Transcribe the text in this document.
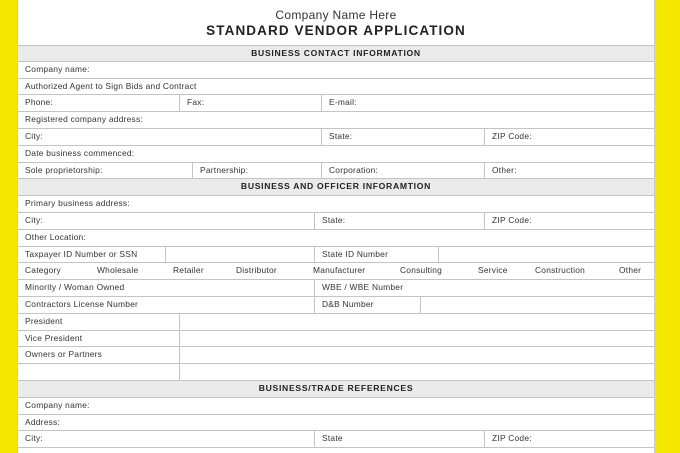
Company Name Here
STANDARD VENDOR APPLICATION
BUSINESS CONTACT INFORMATION
Company name:
Authorized Agent to Sign Bids and Contract
Phone:	Fax:	E-mail:
Registered company address:
City:	State:	ZIP Code:
Date business commenced:
Sole proprietorship:	Partnership:	Corporation:	Other:
BUSINESS AND OFFICER INFORAMTION
Primary business address:
City:	State:	ZIP Code:
Other Location:
Taxpayer ID Number or SSN	State ID Number
Category	Wholesale	Retailer	Distributor	Manufacturer	Consulting	Service	Construction	Other
Minority / Woman Owned	WBE / WBE Number
Contractors License Number	D&B Number
President
Vice President
Owners or Partners
BUSINESS/TRADE REFERENCES
Company name:
Address:
City:	State	ZIP Code:
